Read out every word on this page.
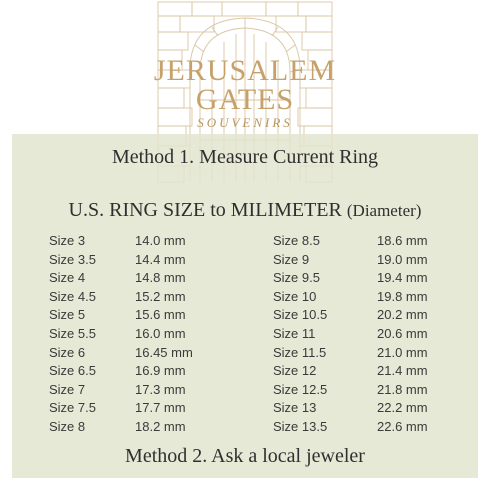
JERUSALEM
GATES
SOUVENIRS
Method 1. Measure Current Ring
U.S. RING SIZE to MILIMETER (Diameter)
Size 3	14.0 mm
Size 3.5	14.4 mm
Size 4	14.8 mm
Size 4.5	15.2 mm
Size 5	15.6 mm
Size 5.5	16.0 mm
Size 6	16.45 mm
Size 6.5	16.9 mm
Size 7	17.3 mm
Size 7.5	17.7 mm
Size 8	18.2 mm
Size 8.5	18.6 mm
Size 9	19.0 mm
Size 9.5	19.4 mm
Size 10	19.8 mm
Size 10.5	20.2 mm
Size 11	20.6 mm
Size 11.5	21.0 mm
Size 12	21.4 mm
Size 12.5	21.8 mm
Size 13	22.2 mm
Size 13.5	22.6 mm
Method 2. Ask a local jeweler
